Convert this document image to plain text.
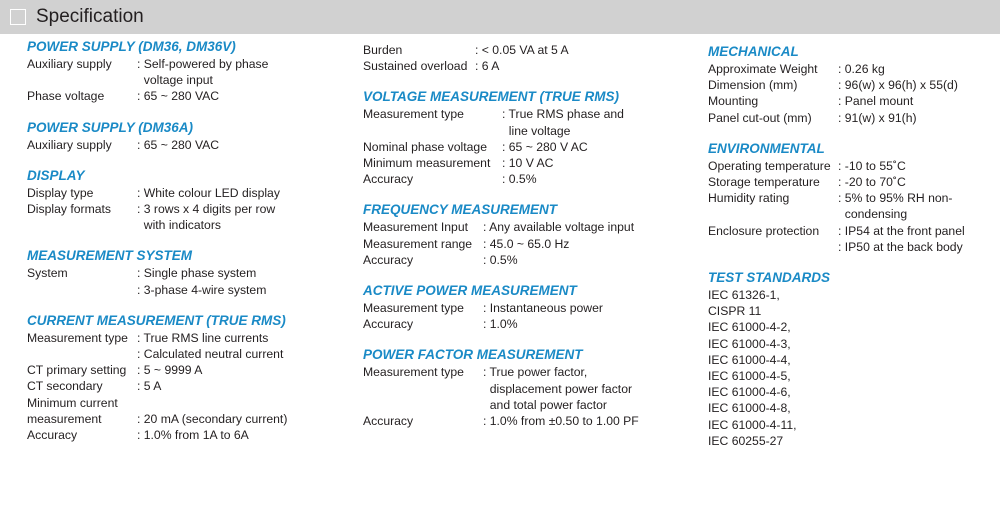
Specification
POWER SUPPLY (DM36, DM36V)
Auxiliary supply	: Self-powered by phase
voltage input
Phase voltage	: 65 ~ 280 VAC
POWER SUPPLY (DM36A)
Auxiliary supply	: 65 ~ 280 VAC
DISPLAY
Display type	: White colour LED display
Display formats	: 3 rows x 4 digits per row
with indicators
MEASUREMENT SYSTEM
System	: Single phase system
: 3-phase 4-wire system
CURRENT MEASUREMENT (TRUE RMS)
Measurement type : True RMS line currents
: Calculated neutral current
CT primary setting : 5 ~ 9999 A
CT secondary	: 5 A
Minimum current

measurement	: 20 mA (secondary current)
Accuracy	: 1.0% from 1A to 6A
Burden	: < 0.05 VA at 5 A
Sustained overload : 6 A
VOLTAGE MEASUREMENT (TRUE RMS)
Measurement type	: True RMS phase and
line voltage
Nominal phase voltage	: 65 ~ 280 V AC
Minimum measurement : 10 V AC
Accuracy	: 0.5%
FREQUENCY MEASUREMENT
Measurement Input	: Any available voltage input
Measurement range : 45.0 ~ 65.0 Hz
Accuracy	: 0.5%
ACTIVE POWER MEASUREMENT
Measurement type	: Instantaneous power
Accuracy	: 1.0%
POWER FACTOR MEASUREMENT
Measurement type	: True power factor,
displacement power factor
and total power factor
Accuracy	: 1.0% from ±0.50 to 1.00 PF
MECHANICAL
Approximate Weight	: 0.26 kg
Dimension (mm)	: 96(w) x 96(h) x 55(d)
Mounting	: Panel mount
Panel cut-out (mm)	: 91(w) x 91(h)
ENVIRONMENTAL
Operating temperature : -10 to 55˚C
Storage temperature	: -20 to 70˚C
Humidity rating	: 5% to 95% RH non-
condensing
Enclosure protection	: IP54 at the front panel
: IP50 at the back body
TEST STANDARDS
IEC 61326-1,
CISPR 11
IEC 61000-4-2,
IEC 61000-4-3,
IEC 61000-4-4,
IEC 61000-4-5,
IEC 61000-4-6,
IEC 61000-4-8,
IEC 61000-4-11,
IEC 60255-27
